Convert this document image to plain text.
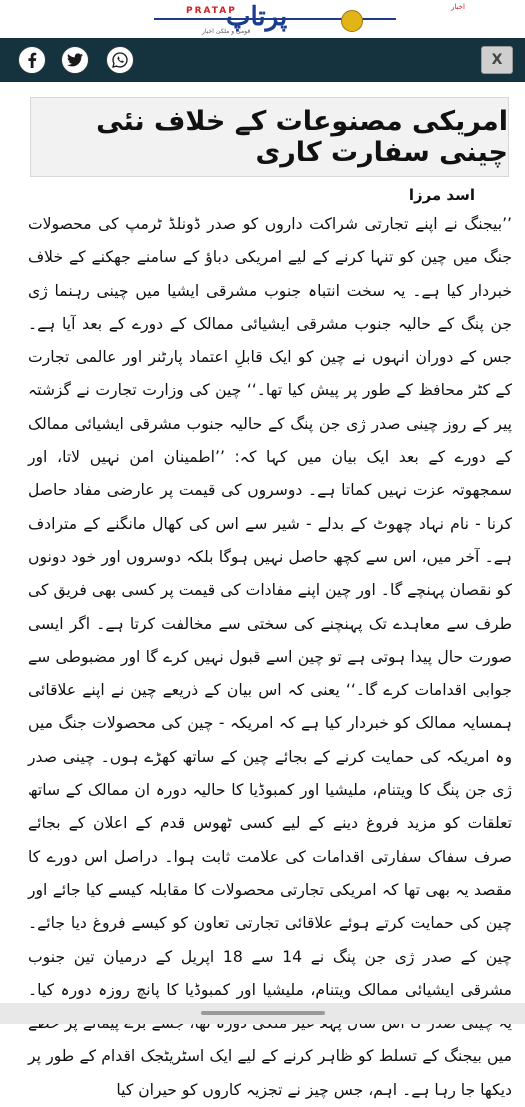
PRATAP
پرتاپ
قومی و ملکی اخبار
اخبار
X
امریکی مصنوعات کے خلاف نئی چینی سفارت کاری
اسد مرزا
’’بیجنگ نے اپنے تجارتی شراکت داروں کو صدر ڈونلڈ ٹرمپ کی محصولات جنگ میں چین کو تنہا کرنے کے لیے امریکی دباؤ کے سامنے جھکنے کے خلاف خبردار کیا ہے۔ یہ سخت انتباہ جنوب مشرقی ایشیا میں چینی رہنما ژی جن پنگ کے حالیہ جنوب مشرقی ایشیائی ممالک کے دورے کے بعد آیا ہے۔ جس کے دوران انہوں نے چین کو ایک قابلِ اعتماد پارٹنر اور عالمی تجارت کے کٹر محافظ کے طور پر پیش کیا تھا۔‘‘ چین کی وزارت تجارت نے گزشتہ پیر کے روز چینی صدر ژی جن پنگ کے حالیہ جنوب مشرقی ایشیائی ممالک کے دورے کے بعد ایک بیان میں کہا کہ: ’’اطمینان امن نہیں لاتا، اور سمجھوتہ عزت نہیں کماتا ہے۔ دوسروں کی قیمت پر عارضی مفاد حاصل کرنا - نام نہاد چھوٹ کے بدلے - شیر سے اس کی کھال مانگنے کے مترادف ہے۔ آخر میں، اس سے کچھ حاصل نہیں ہوگا بلکہ دوسروں اور خود دونوں کو نقصان پہنچے گا۔ اور چین اپنے مفادات کی قیمت پر کسی بھی فریق کی طرف سے معاہدے تک پہنچنے کی سختی سے مخالفت کرتا ہے۔ اگر ایسی صورت حال پیدا ہوتی ہے تو چین اسے قبول نہیں کرے گا اور مضبوطی سے جوابی اقدامات کرے گا۔‘‘ یعنی کہ اس بیان کے ذریعے چین نے اپنے علاقائی ہمسایہ ممالک کو خبردار کیا ہے کہ امریکہ - چین کی محصولات جنگ میں وہ امریکہ کی حمایت کرنے کے بجائے چین کے ساتھ کھڑے ہوں۔ چینی صدر ژی جن پنگ کا ویتنام، ملیشیا اور کمبوڈیا کا حالیہ دورہ ان ممالک کے ساتھ تعلقات کو مزید فروغ دینے کے لیے کسی ٹھوس قدم کے اعلان کے بجائے صرف سفاک سفارتی اقدامات کی علامت ثابت ہوا۔ دراصل اس دورے کا مقصد یہ بھی تھا کہ امریکی تجارتی محصولات کا مقابلہ کیسے کیا جائے اور چین کی حمایت کرتے ہوئے علاقائی تجارتی تعاون کو کیسے فروغ دیا جائے۔ چین کے صدر ژی جن پنگ نے 14 سے 18 اپریل کے درمیان تین جنوب مشرقی ایشیائی ممالک ویتنام، ملیشیا اور کمبوڈیا کا پانچ روزہ دورہ کیا۔ میں بیجنگ کے تسلط کو ظاہر کرنے کے لیے ایک اسٹریٹجک اقدام کے طور پر دیکھا جا رہا ہے۔ اہم، جس چیز نے تجزیہ کاروں کو حیران کیا
